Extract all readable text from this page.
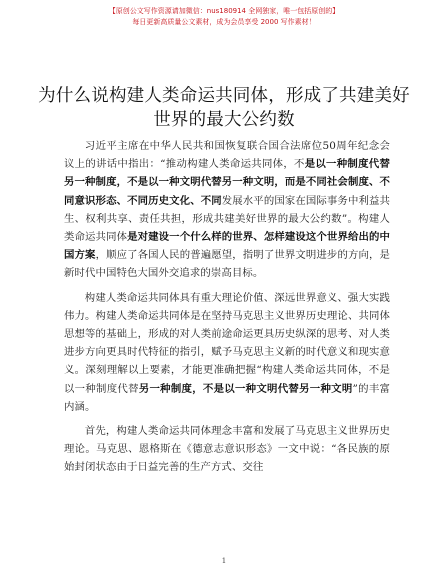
【原创公文写作资源请加微信：nus180914 全网独家，唯一包括原创的】
每日更新高质量公文素材，成为会员享受 2000 写作素材！
为什么说构建人类命运共同体，形成了共建美好世界的最大公约数

习近平主席在中华人民共和国恢复联合国合法席位50周年纪念会议上的讲话中指出：“推动构建人类命运共同体，不是以一种制度代替另一种制度，不是以一种文明代替另一种文明，而是不同社会制度、不同意识形态、不同历史文化、不同发展水平的国家在国际事务中利益共生、权利共享、责任共担，形成共建美好世界的最大公约数”。构建人类命运共同体是对建设一个什么样的世界、怎样建设这个世界给出的中国方案，顺应了各国人民的普遍愿望，指明了世界文明进步的方向，是新时代中国特色大国外交追求的崇高目标。

构建人类命运共同体具有重大理论价值、深远世界意义、强大实践伟力。构建人类命运共同体是在坚持马克思主义世界历史理论、共同体思想等的基础上，形成的对人类前途命运更具历史纵深的思考、对人类进步方向更具时代特征的指引，赋予马克思主义新的时代意义和现实意义。深刻理解以上要素，才能更准确把握“构建人类命运共同体，不是以一种制度代替另一种制度，不是以一种文明代替另一种文明”的丰富内涵。

首先，构建人类命运共同体理念丰富和发展了马克思主义世界历史理论。马克思、恩格斯在《德意志意识形态》一文中说：“各民族的原始封闭状态由于日益完善的生产方式、交往

1
